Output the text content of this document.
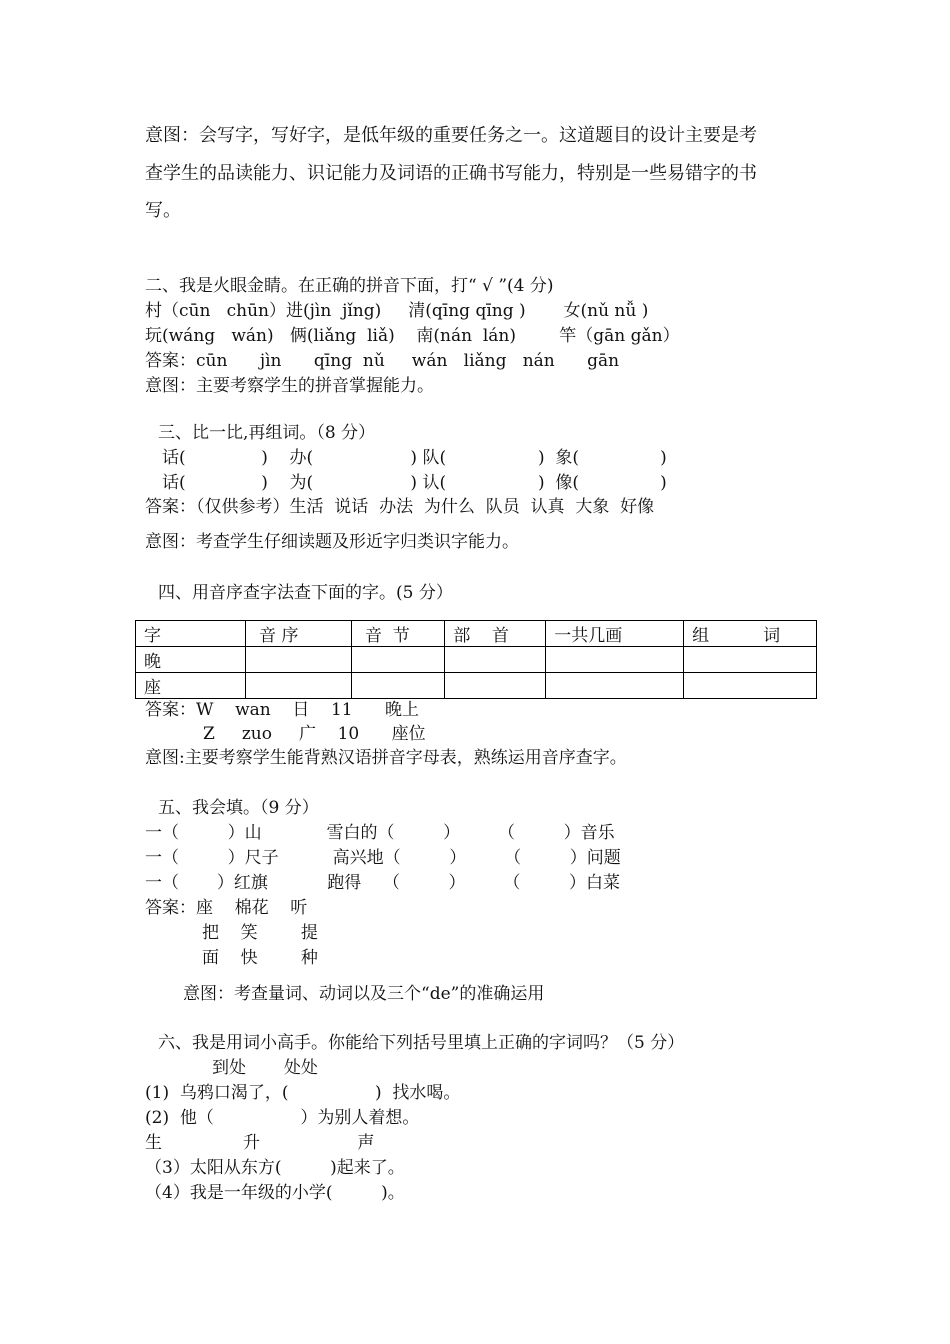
意图：会写字，写好字，是低年级的重要任务之一。这道题目的设计主要是考
查学生的品读能力、识记能力及词语的正确书写能力，特别是一些易错字的书
写。
二、我是火眼金睛。在正确的拼音下面，打“ √ ”(4 分)
村（cūn   chūn）进(jìn  jǐng)     清(qīng qīng )       女(nǔ nǚ )
玩(wáng   wán)   俩(liǎng  liǎ)    南(nán  lán)        竿（gān gǎn）
答案：cūn      jìn      qīng  nǔ     wán   liǎng   nán      gān
意图：主要考察学生的拼音掌握能力。
三、比一比,再组词。（8 分）
话(              )    办(                  ) 队(                 )  象(               )
话(              )    为(                  ) 认(                 )  像(               )
答案：（仅供参考）生活  说话  办法  为什么  队员  认真  大象  好像
意图：考查学生仔细读题及形近字归类识字能力。
四、用音序查字法查下面的字。(5 分）
字	音 序	音  节	部    首	一共几画	组          词
晚					
座					
答案：W    wan    日    11      晚上
Z     zuo     广    10      座位
意图:主要考察学生能背熟汉语拼音字母表，熟练运用音序查字。
五、我会填。（9 分）
一（         ）山            雪白的（         ）       （         ）音乐
一（         ）尺子          高兴地（         ）       （         ）问题
一（       ）红旗           跑得    （         ）       （         ）白菜
答案：座    棉花    听
把    笑        提
面    快        种
意图：考查量词、动词以及三个“de”的准确运用
六、我是用词小高手。你能给下列括号里填上正确的字词吗？（5 分）
到处       处处
(1)  乌鸦口渴了，(                )  找水喝。
(2)  他（                ）为别人着想。
生               升                  声
（3）太阳从东方(         )起来了。
（4）我是一年级的小学(         )。
